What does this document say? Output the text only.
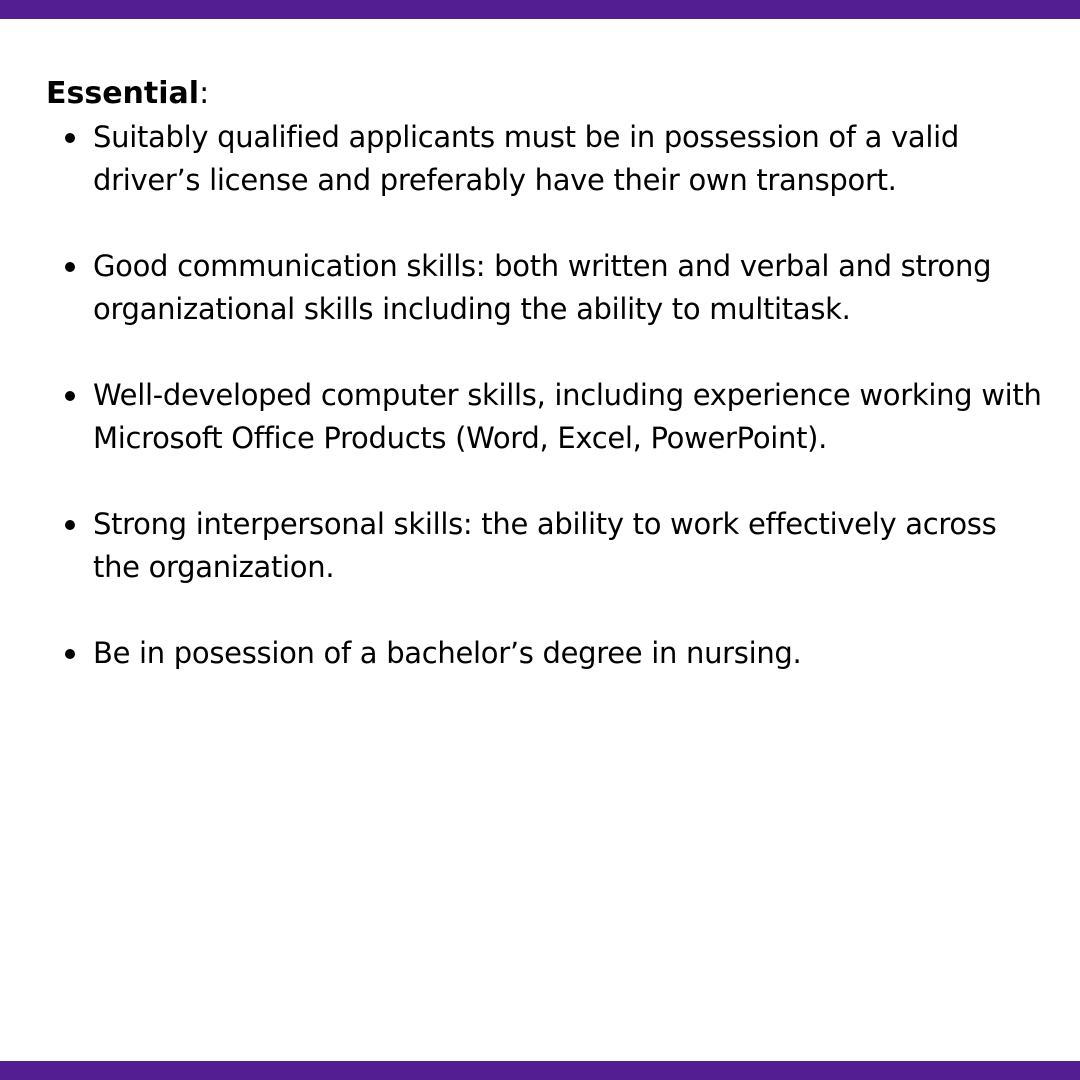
Essential:
Suitably qualified applicants must be in possession of a valid driver’s license and preferably have their own transport.
Good communication skills: both written and verbal and strong organizational skills including the ability to multitask.
Well-developed computer skills, including experience working with Microsoft Office Products (Word, Excel, PowerPoint).
Strong interpersonal skills: the ability to work effectively across the organization.
Be in posession of a bachelor’s degree in nursing.
